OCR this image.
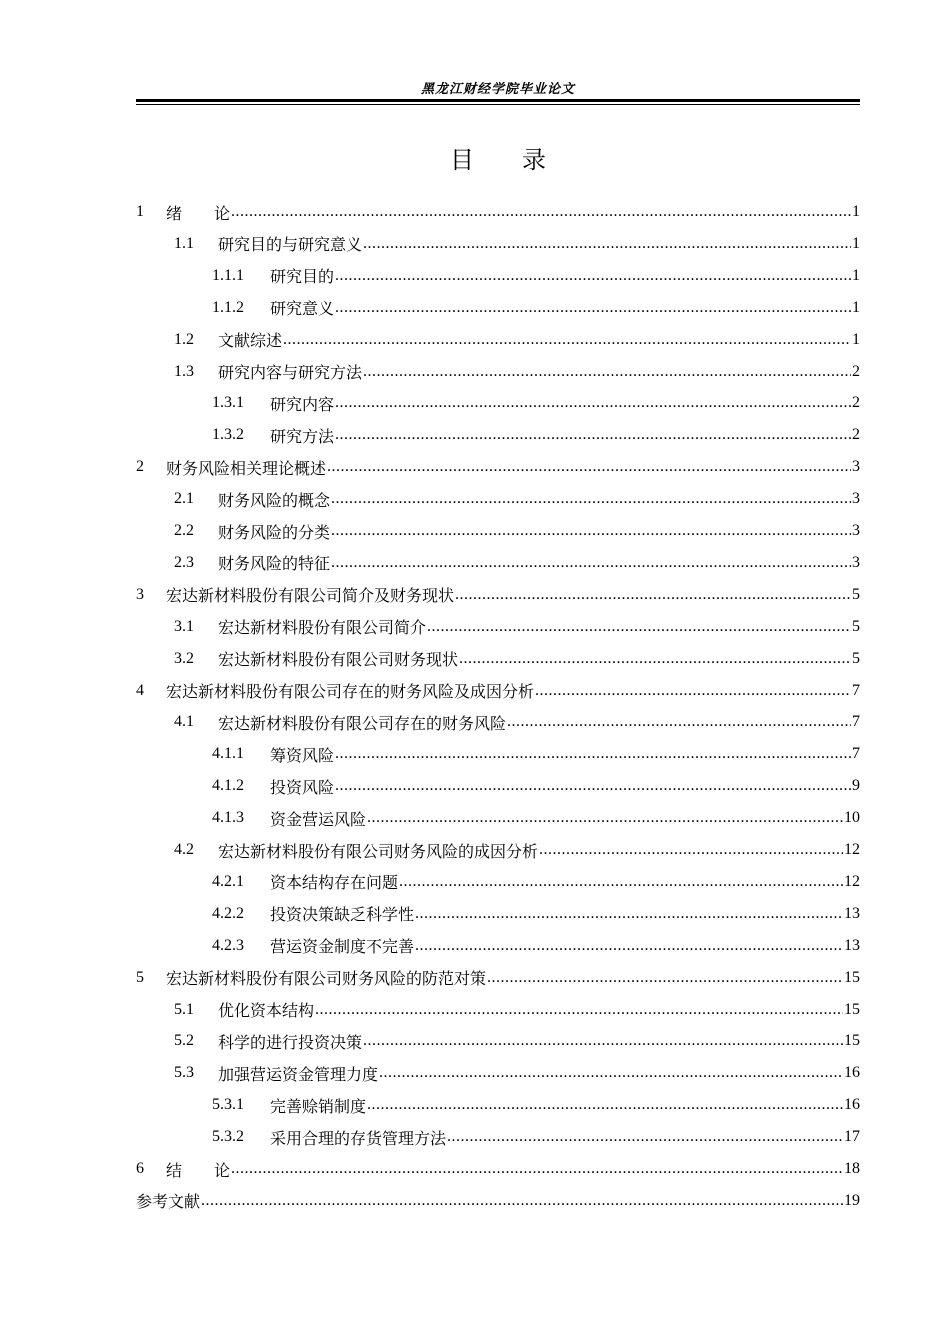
黑龙江财经学院毕业论文
目 录
1	绪　　论 .....	1
1.1	研究目的与研究意义 .....	1
1.1.1	研究目的 .....	1
1.1.2	研究意义 .....	1
1.2	文献综述 .....	1
1.3	研究内容与研究方法 .....	2
1.3.1	研究内容 .....	2
1.3.2	研究方法 .....	2
2	财务风险相关理论概述 .....	3
2.1	财务风险的概念 .....	3
2.2	财务风险的分类 .....	3
2.3	财务风险的特征 .....	3
3	宏达新材料股份有限公司简介及财务现状 .....	5
3.1	宏达新材料股份有限公司简介 .....	5
3.2	宏达新材料股份有限公司财务现状 .....	5
4	宏达新材料股份有限公司存在的财务风险及成因分析 .....	7
4.1	宏达新材料股份有限公司存在的财务风险 .....	7
4.1.1	筹资风险 .....	7
4.1.2	投资风险 .....	9
4.1.3	资金营运风险 .....	10
4.2	宏达新材料股份有限公司财务风险的成因分析 .....	12
4.2.1	资本结构存在问题 .....	12
4.2.2	投资决策缺乏科学性 .....	13
4.2.3	营运资金制度不完善 .....	13
5	宏达新材料股份有限公司财务风险的防范对策 .....	15
5.1	优化资本结构 .....	15
5.2	科学的进行投资决策 .....	15
5.3	加强营运资金管理力度 .....	16
5.3.1	完善赊销制度 .....	16
5.3.2	采用合理的存货管理方法 .....	17
6	结　　论 .....	18
参考文献 .....	19
